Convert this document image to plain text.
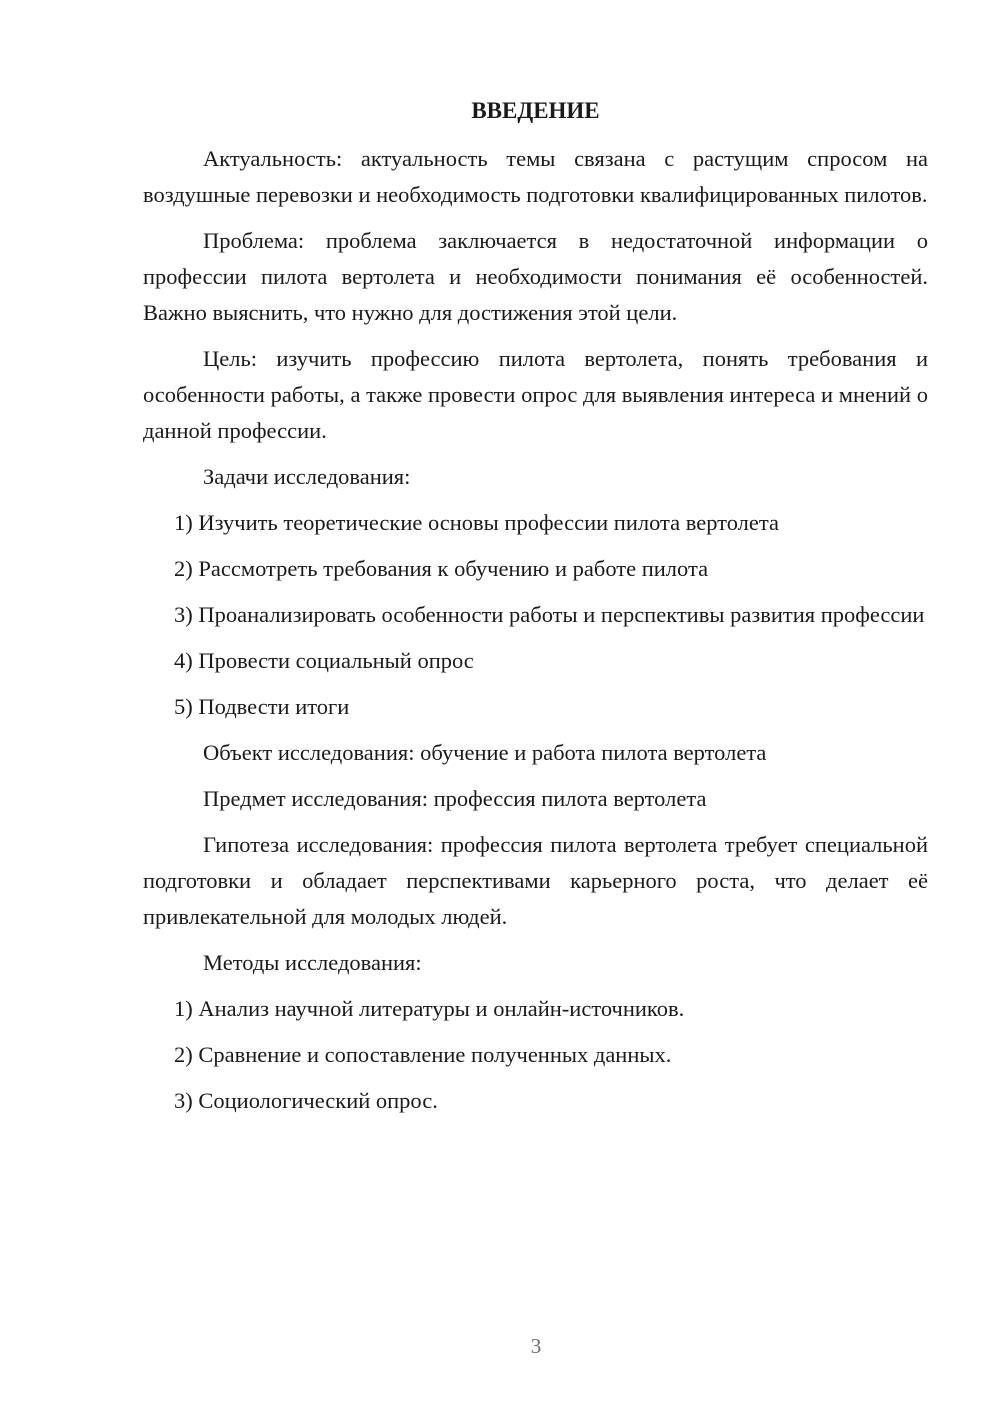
ВВЕДЕНИЕ

Актуальность: актуальность темы связана с растущим спросом на воздушные перевозки и необходимость подготовки квалифицированных пилотов.

Проблема: проблема заключается в недостаточной информации о профессии пилота вертолета и необходимости понимания её особенностей. Важно выяснить, что нужно для достижения этой цели.

Цель: изучить профессию пилота вертолета, понять требования и особенности работы, а также провести опрос для выявления интереса и мнений о данной профессии.

Задачи исследования:

1) Изучить теоретические основы профессии пилота вертолета

2) Рассмотреть требования к обучению и работе пилота

3) Проанализировать особенности работы и перспективы развития профессии

4) Провести социальный опрос

5) Подвести итоги

Объект исследования: обучение и работа пилота вертолета

Предмет исследования: профессия пилота вертолета

Гипотеза исследования: профессия пилота вертолета требует специальной подготовки и обладает перспективами карьерного роста, что делает её привлекательной для молодых людей.

Методы исследования:

1) Анализ научной литературы и онлайн-источников.

2) Сравнение и сопоставление полученных данных.

3) Социологический опрос.

3
